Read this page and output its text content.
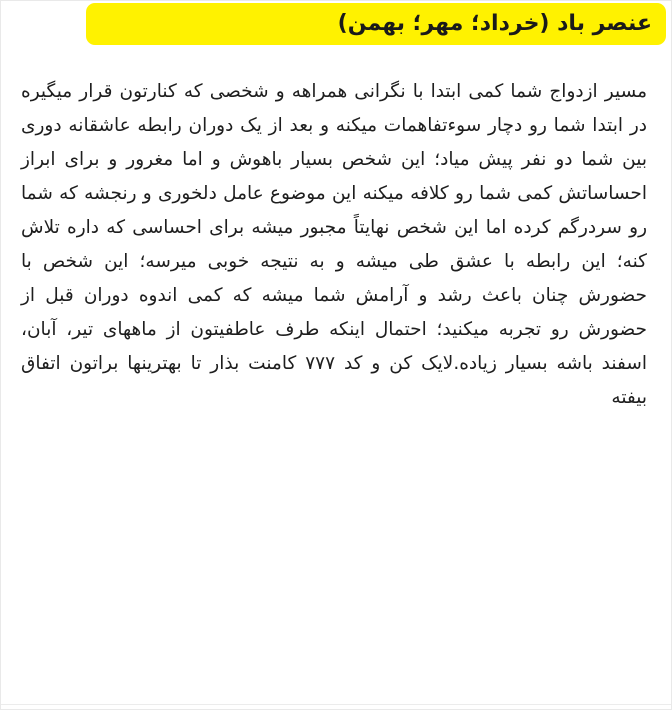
عنصر باد (خرداد؛ مهر؛ بهمن)

مسیر ازدواج شما کمی ابتدا با نگرانی همراهه و شخصی که کنارتون قرار میگیره در ابتدا شما رو دچار سوءتفاهمات میکنه و بعد از یک دوران رابطه عاشقانه دوری بین شما دو نفر پیش میاد؛ این شخص بسیار باهوش و اما مغرور و برای ابراز احساساتش کمی شما رو کلافه میکنه این موضوع عامل دلخوری و رنجشه که شما رو سردرگم کرده اما این شخص نهایتاً مجبور میشه برای احساسی که داره تلاش کنه؛ این رابطه با عشق طی میشه و به نتیجه خوبی میرسه؛ این شخص با حضورش چنان باعث رشد و آرامش شما میشه که کمی اندوه دوران قبل از حضورش رو تجربه میکنید؛ احتمال اینکه طرف عاطفیتون از ماههای تیر، آبان، اسفند باشه بسیار زیاده.لایک کن و کد ۷۷۷ کامنت بذار تا بهترینها براتون اتفاق بیفته
